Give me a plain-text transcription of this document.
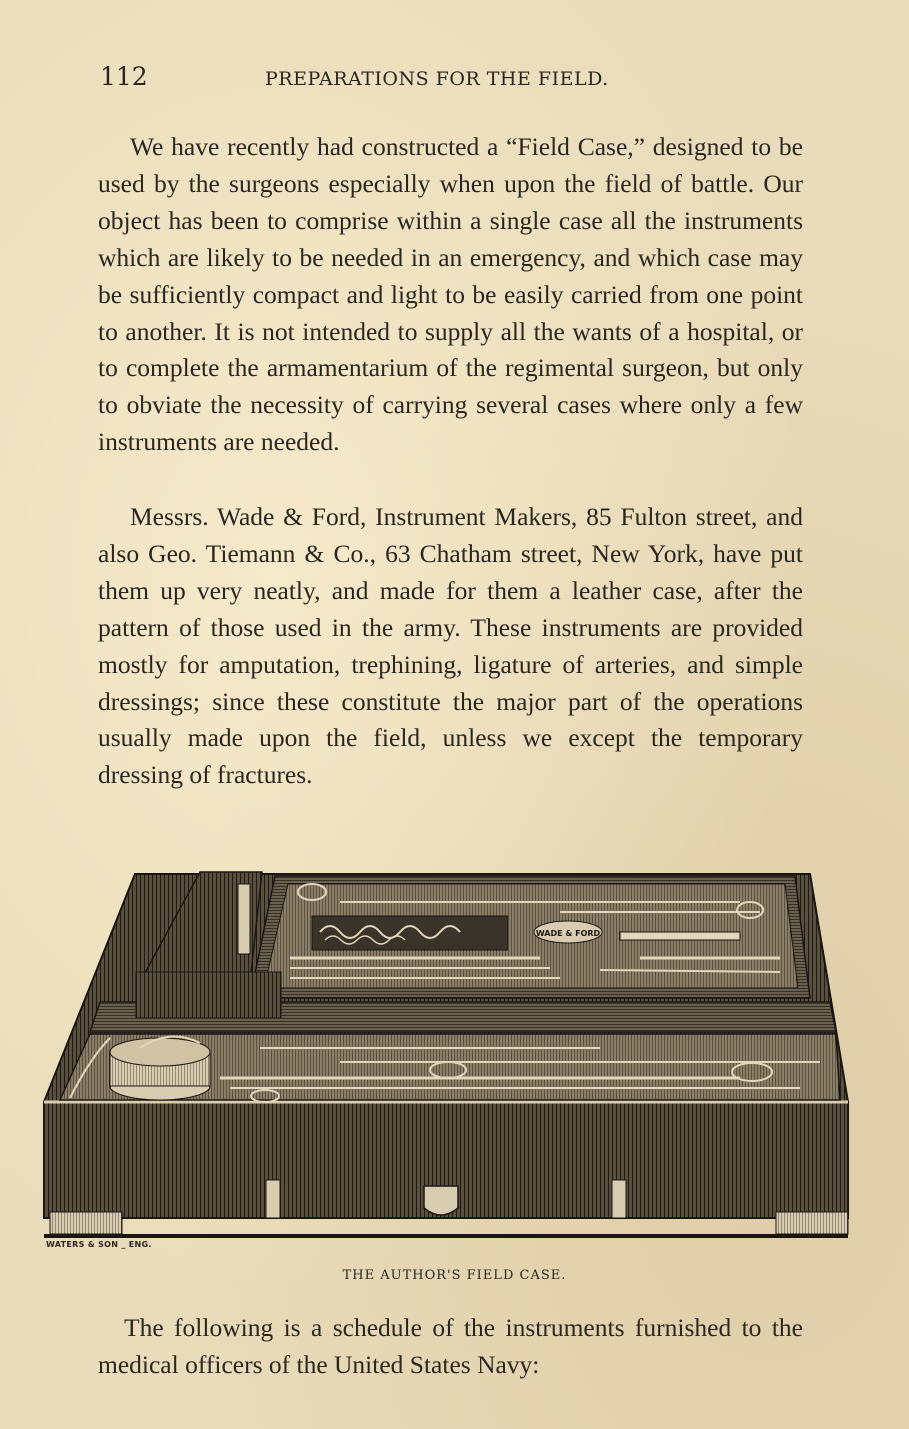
112	PREPARATIONS FOR THE FIELD.

We have recently had constructed a “Field Case,” designed to be used by the surgeons especially when upon the field of battle. Our object has been to comprise within a single case all the instruments which are likely to be needed in an emergency, and which case may be sufficiently compact and light to be easily carried from one point to another. It is not intended to supply all the wants of a hospital, or to complete the armamentarium of the regimental surgeon, but only to obviate the necessity of carrying several cases where only a few instruments are needed.

Messrs. Wade & Ford, Instrument Makers, 85 Fulton street, and also Geo. Tiemann & Co., 63 Chatham street, New York, have put them up very neatly, and made for them a leather case, after the pattern of those used in the army. These instruments are provided mostly for amputation, trephining, ligature of arteries, and simple dressings; since these constitute the major part of the operations usually made upon the field, unless we except the temporary dressing of fractures.

WADE & FORD
WATERS & SON _ ENG.
THE AUTHOR'S FIELD CASE.

The following is a schedule of the instruments furnished to the medical officers of the United States Navy:
